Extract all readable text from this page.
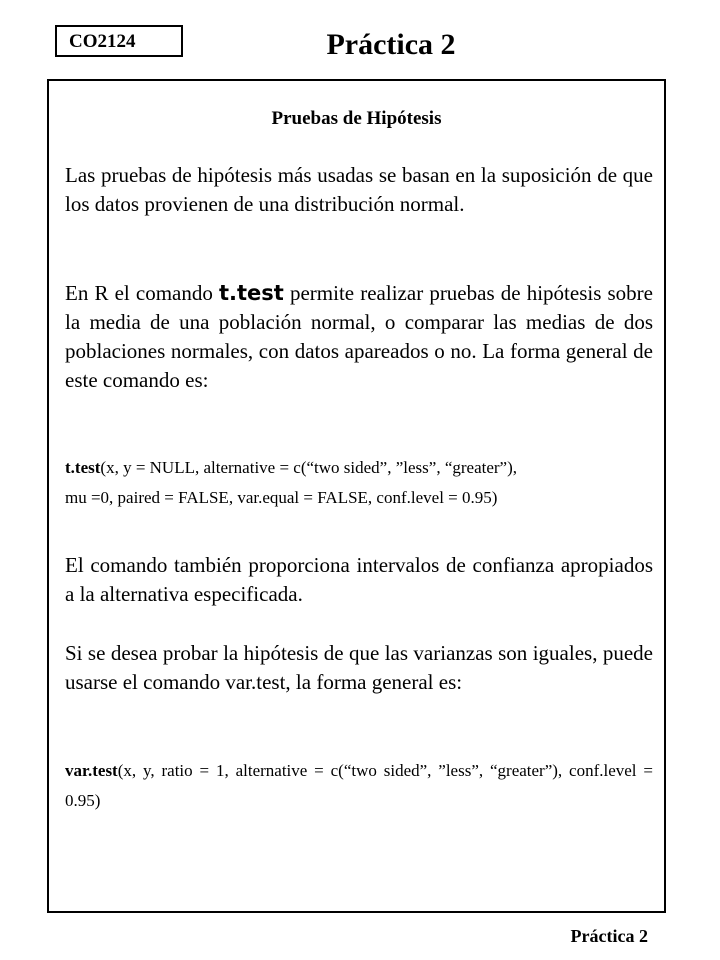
CO2124	Práctica 2
Pruebas de Hipótesis
Las pruebas de hipótesis más usadas se basan en la suposición de que los datos provienen de una distribución normal.
En R el comando t.test permite realizar pruebas de hipótesis sobre la media de una población normal, o comparar las medias de dos poblaciones normales, con datos apareados o no. La forma general de este comando es:
t.test(x, y = NULL, alternative = c(“two sided”, ”less”, “greater”),
mu =0, paired = FALSE, var.equal = FALSE, conf.level = 0.95)
El comando también proporciona intervalos de confianza apropiados a la alternativa especificada.
Si se desea probar la hipótesis de que las varianzas son iguales, puede usarse el comando var.test, la forma general es:
var.test(x, y, ratio = 1, alternative = c(“two sided”, ”less”, “greater”), conf.level = 0.95)
Práctica 2
